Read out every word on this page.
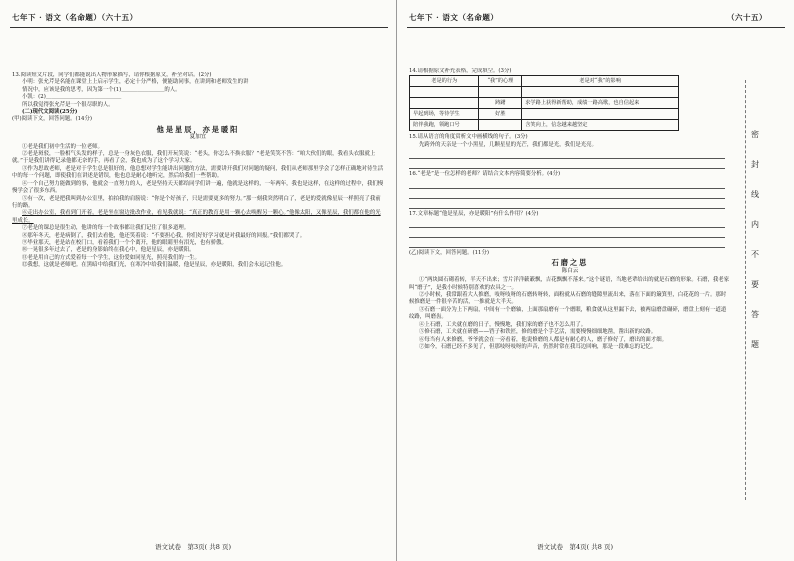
七年下 · 语文（名命题）（六十五）

13.阅读短文片段，同学们都能说出人物形象描写，请你根据原文，补全对话。(2分)

小明：张允芹是名能在课堂上上启示学生，必定十分严格，便能助同事，在讲到和老师发生的讲

情况中，应该是我的思考，因为第一个(1)＿＿＿＿＿＿＿＿的人。

小凯：(2)＿＿＿＿＿＿＿＿＿＿＿＿＿＿

所以我觉得张允芹是一个很尽职的人。

(二)现代文阅读(25分)

(甲)阅读下文，回答问题。(14分)

他是星辰，亦是暖阳
夏加宜

①老是我们初中生活的一位老师。

②老是斑驳，一脸相气头发的样子，总是一身灰色衣服，我们开玩笑说：“老头，你怎么不换衣服？”老是笑笑不答：“咱大伙们的眼，我看头衣服就上就。”于是我们讲得记录他都无奈的手，再看了会，我也成为了这个学习大家。

③作为思故老师，老是对于学生总是很好的，他总想对学生能讲出问题的方法，需要讲开我们对问题的疑问，我们从老师那里学会了怎样正确地对待生活中的每一个问题，即使我们在讲述是错误，他也总是耐心地听完，然后给我们一些帮助。

④一个自己努力能做到的事，他就会一直努力的人，老是坚持天天都给同学们讲一遍，他就是这样的，一年两年，我也是这样，在这样的过程中，我们慢慢学会了很多东西。

⑤有一次，老是把我叫到办公室里，拍拍我的肩膀说：“你是个好孩子，只是需要更多的努力。”那一刻我突然明白了，老是的爱就像星辰一样照亮了我前行的路。

⑥走出办公室，我看到门开着，老是坐在窗边批改作业，看见我就说：“真正的教育是用一颗心去唤醒另一颗心。”他像太阳，又像星辰，我们都在他的光里成长。

⑦老是的课总是很生动，他讲的每一个故事都让我们记住了很多道理。

⑧那年冬天，老是病倒了，我们去看他，他还笑着说：“不要担心我，你们好好学习就是对我最好的回报。”我们都哭了。

⑨毕业那天，老是站在校门口，看着我们一个个离开，他的眼睛里有泪光，也有骄傲。

⑩一晃很多年过去了，老是的身影始终在我心中，他是星辰，亦是暖阳。

⑪老是用自己的方式爱着每一个学生，这份爱如同星光，照亮我们的一生。

⑫我想，这就是老师吧。在黑暗中给我们光，在寒冷中给我们温暖，他是星辰，亦是暖阳，我们会永远记住他。

语文试卷　第3页( 共8 页)
七年下 · 语文（名命题）	（六十五）

14.请根据原文补充表格，完成填空。(3分)

老是的行为	“我”的心理	老是对“我”的影响

	踌躇	求学路上获得新帮助，成绩一路高歌，也自信起来
早起到场，等待学生	好胜	
陪伴我跑，领跑口号		含笑向上，信念越来越坚定

15.请从语言的角度赏析文中画横线的句子。(3分)

先跨外的天亲是一个小黑星，几颗星星的光芒，我们都是光，我们是光亮。

16.“老是”是一位怎样的老师？请结合文本内容简要分析。(4分)

17.文章标题“他是星辰，亦是暖阳”有什么作用？(4分)

(乙)阅读下文，回答问题。(11分)

石磨之思
陈白云

①“两块圆石砌着转，半天不出来；雪片洋洋簌簌飘，吉花飘飘不落来。”这个谜语，当地老辈给出的就是石磨的形象。石磨，我老家叫“磨子”，是我小时候特别喜欢的农具之一。

②小时候，我常跟着大人推磨，吱呀吱呀的石磨转呀转，面粉就从石磨的缝隙里流出来，落在下面的簸箕里，白花花的一片。那时候推磨是一件很辛苦的活，一推就是大半天。

③石磨一面分为上下两扇，中间有一个磨轴，上面那扇磨有一个磨眼，粮食就从这里漏下去，被两扇磨盘碾碎，磨盘上刻有一道道纹路，叫磨齿。

④上石磨，工夫就在磨的日子，慢慢地，我们家的磨子也不怎么用了。

⑤修石磨，工夫就在研磨——铛子和铁匠，修的磨是个手艺活，需要慢慢细细地凿，凿出新的纹路。

⑥每当有人来修磨，爷爷就会在一旁看着，他说修磨的人都是有耐心的人，磨子修好了，磨出的面才细。

⑦如今，石磨已经不多见了，但那吱呀吱呀的声音，仍然时常在我耳边回响，那是一段难忘的记忆。

密
封
线
内
不
要
答
题
语文试卷　第4页( 共8 页)
